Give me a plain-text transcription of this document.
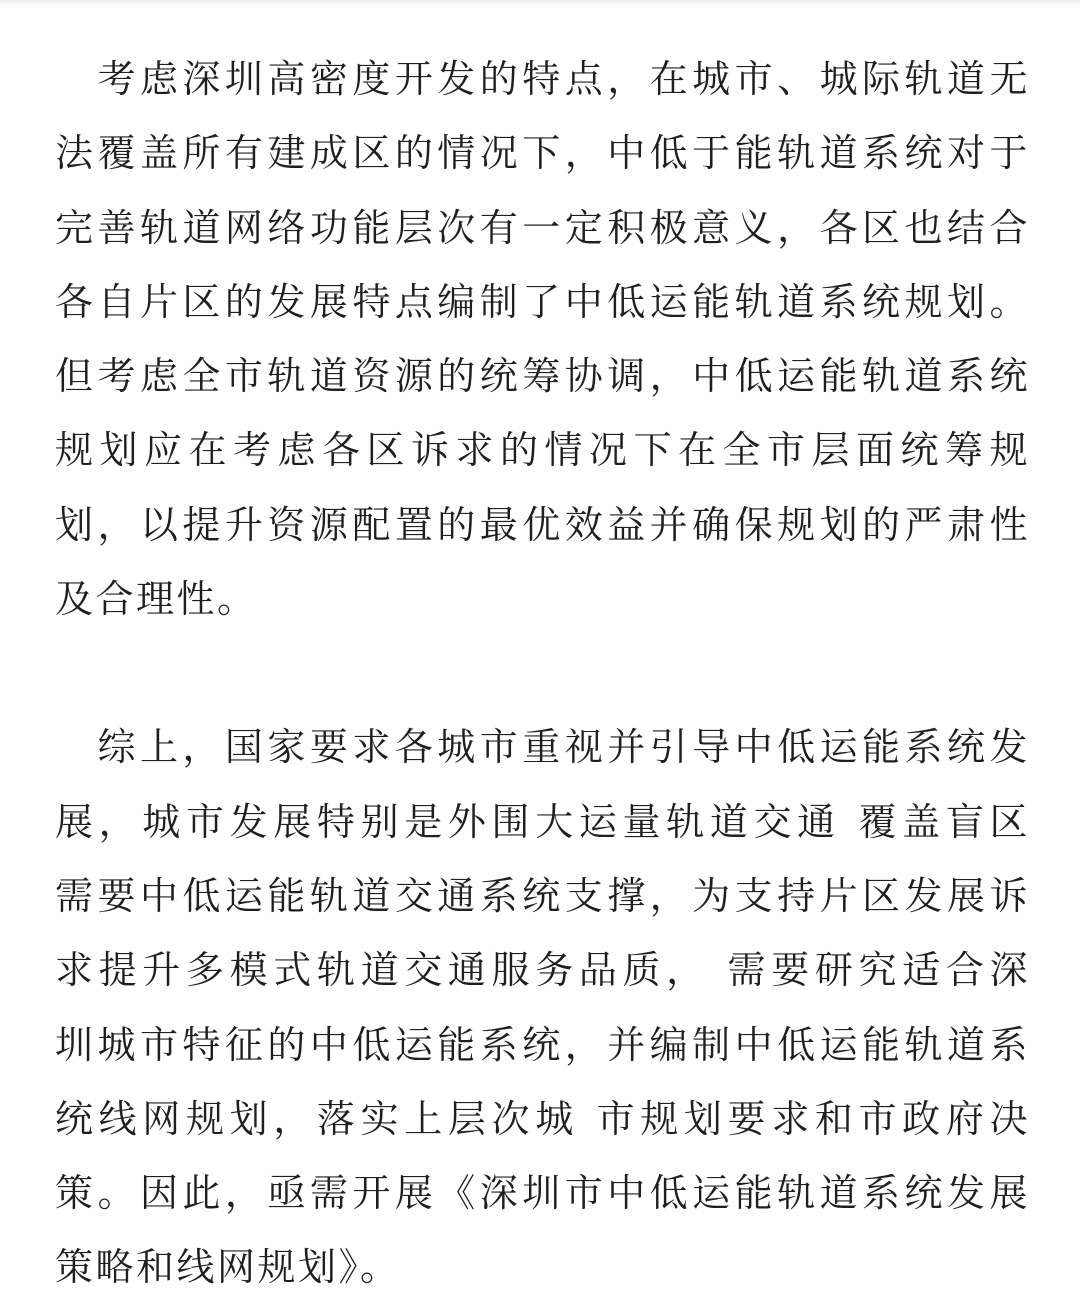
　考虑深圳高密度开发的特点，在城市、城际轨道无
法覆盖所有建成区的情况下，中低于能轨道系统对于
完善轨道网络功能层次有一定积极意义，各区也结合
各自片区的发展特点编制了中低运能轨道系统规划。
但考虑全市轨道资源的统筹协调，中低运能轨道系统
规划应在考虑各区诉求的情况下在全市层面统筹规
划，以提升资源配置的最优效益并确保规划的严肃性
及合理性。
　综上，国家要求各城市重视并引导中低运能系统发
展，城市发展特别是外围大运量轨道交通 覆盖盲区
需要中低运能轨道交通系统支撑，为支持片区发展诉
求提升多模式轨道交通服务品质， 需要研究适合深
圳城市特征的中低运能系统，并编制中低运能轨道系
统线网规划，落实上层次城 市规划要求和市政府决
策。因此，亟需开展《深圳市中低运能轨道系统发展
策略和线网规划》。
